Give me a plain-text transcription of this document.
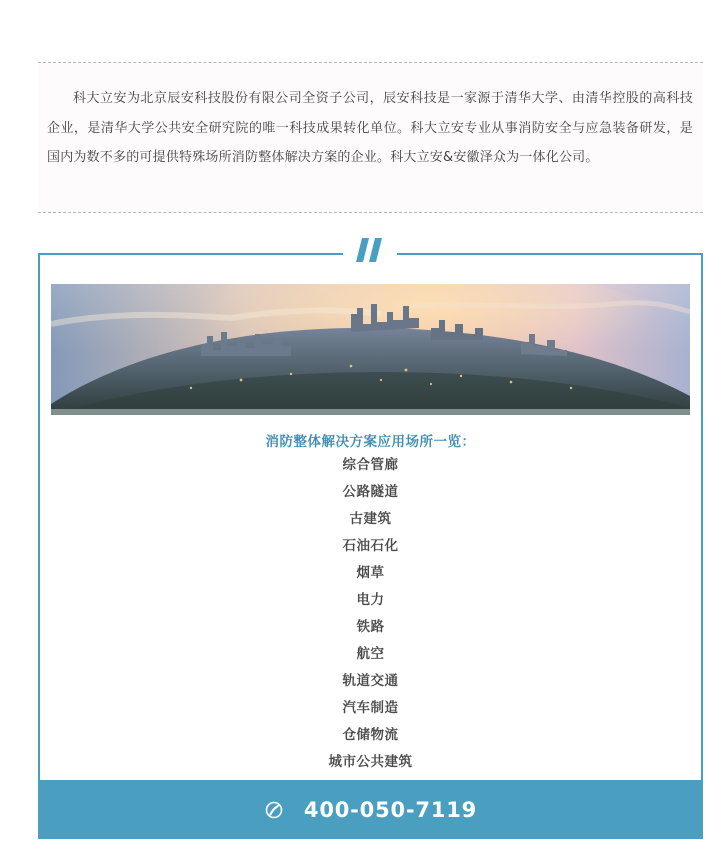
科大立安为北京辰安科技股份有限公司全资子公司，辰安科技是一家源于清华大学、由清华控股的高科技企业，是清华大学公共安全研究院的唯一科技成果转化单位。科大立安专业从事消防安全与应急装备研发，是国内为数不多的可提供特殊场所消防整体解决方案的企业。科大立安&安徽泽众为一体化公司。

消防整体解决方案应用场所一览：
综合管廊
公路隧道
古建筑
石油石化
烟草
电力
铁路
航空
轨道交通
汽车制造
仓储物流
城市公共建筑
400-050-7119
